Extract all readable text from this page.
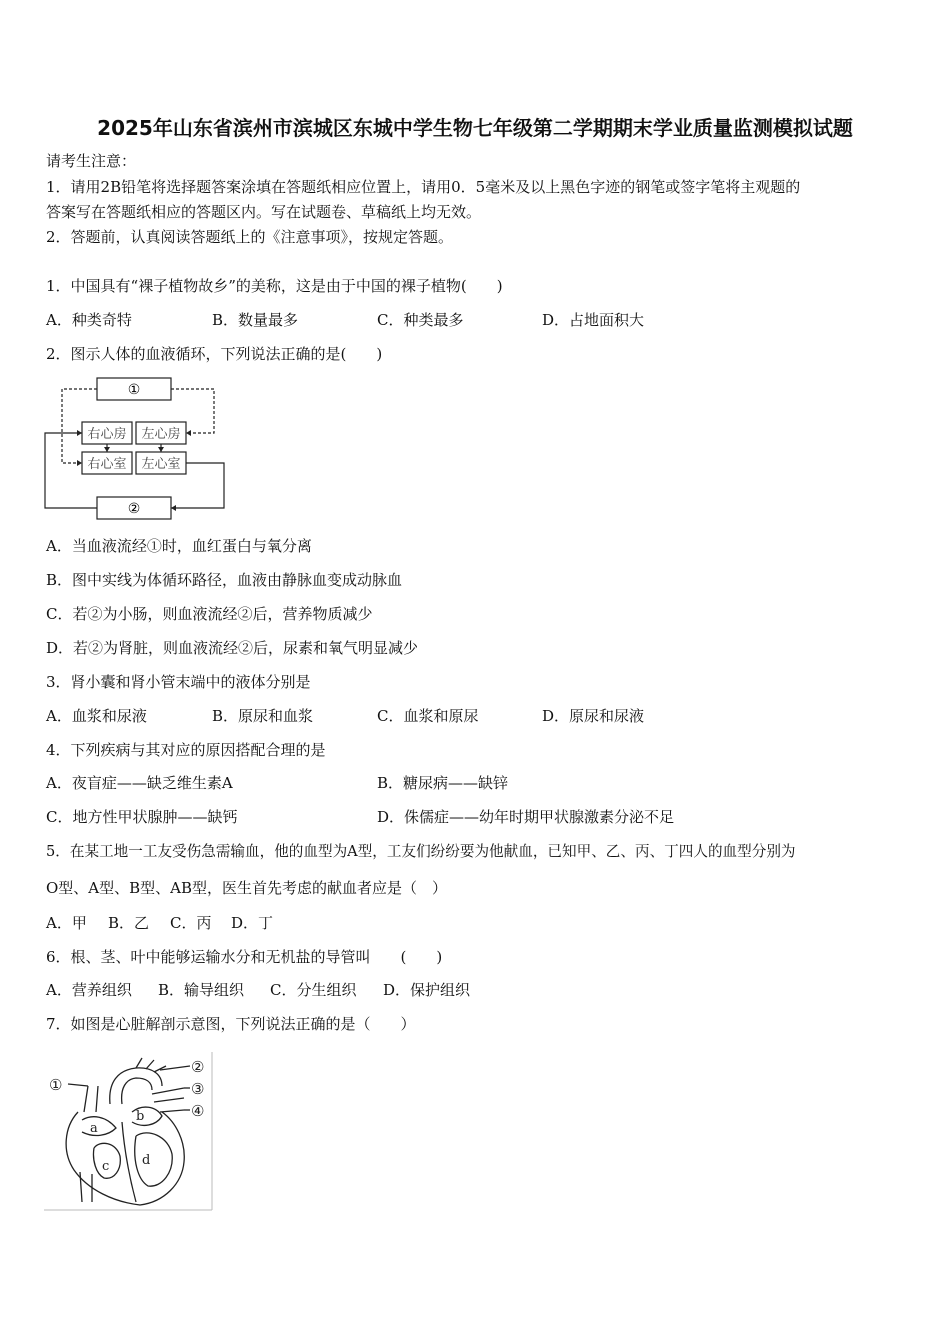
2025年山东省滨州市滨城区东城中学生物七年级第二学期期末学业质量监测模拟试题
请考生注意：
1．请用2B铅笔将选择题答案涂填在答题纸相应位置上，请用0．5毫米及以上黑色字迹的钢笔或签字笔将主观题的
答案写在答题纸相应的答题区内。写在试题卷、草稿纸上均无效。
2．答题前，认真阅读答题纸上的《注意事项》，按规定答题。
1．中国具有“裸子植物故乡”的美称，这是由于中国的裸子植物(　　)
A．种类奇特	B．数量最多	C．种类最多	D．占地面积大
2．图示人体的血液循环，下列说法正确的是(　　)
①
②
右心房 左心房
右心室 左心室
A．当血液流经①时，血红蛋白与氧分离
B．图中实线为体循环路径，血液由静脉血变成动脉血
C．若②为小肠，则血液流经②后，营养物质减少
D．若②为肾脏，则血液流经②后，尿素和氧气明显减少
3．肾小囊和肾小管末端中的液体分别是
A．血浆和尿液	B．原尿和血浆	C．血浆和原尿	D．原尿和尿液
4．下列疾病与其对应的原因搭配合理的是
A．夜盲症——缺乏维生素A	B．糖尿病——缺锌
C．地方性甲状腺肿——缺钙	D．侏儒症——幼年时期甲状腺激素分泌不足
5．在某工地一工友受伤急需输血，他的血型为A型，工友们纷纷要为他献血，已知甲、乙、丙、丁四人的血型分别为
O型、A型、B型、AB型，医生首先考虑的献血者应是（　）
A．甲 B．乙 C．丙 D．丁
6．根、茎、叶中能够运输水分和无机盐的导管叫　　(　　)
A．营养组织 B．输导组织 C．分生组织 D．保护组织
7．如图是心脏解剖示意图，下列说法正确的是（　　）
①
②
③
④
a
b
c	d
